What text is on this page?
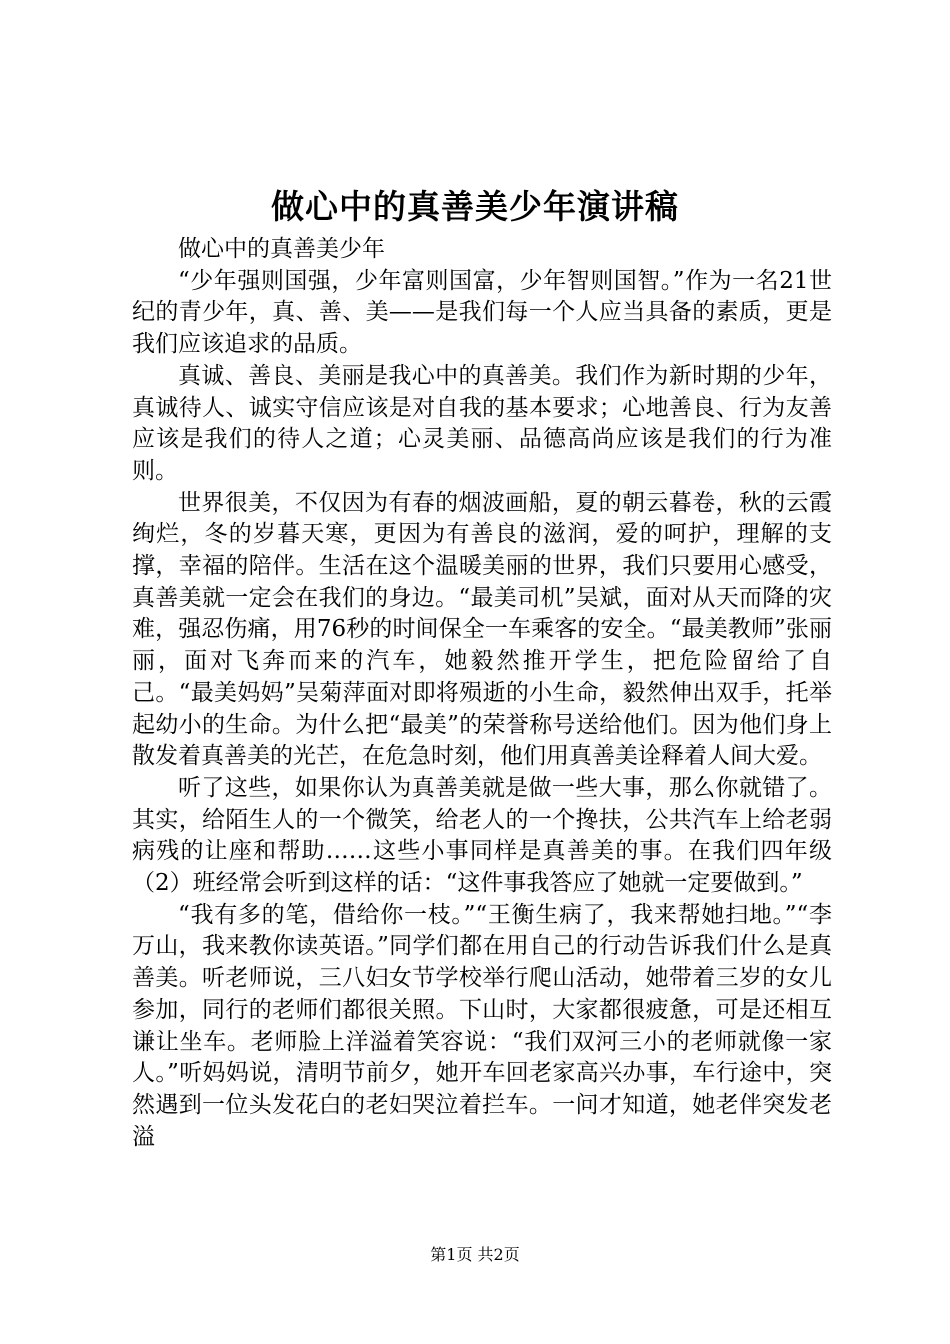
做心中的真善美少年演讲稿

做心中的真善美少年

“少年强则国强，少年富则国富，少年智则国智。”作为一名21世纪的青少年，真、善、美——是我们每一个人应当具备的素质，更是我们应该追求的品质。

真诚、善良、美丽是我心中的真善美。我们作为新时期的少年，真诚待人、诚实守信应该是对自我的基本要求；心地善良、行为友善应该是我们的待人之道；心灵美丽、品德高尚应该是我们的行为准则。

世界很美，不仅因为有春的烟波画船，夏的朝云暮卷，秋的云霞绚烂，冬的岁暮天寒，更因为有善良的滋润，爱的呵护，理解的支撑，幸福的陪伴。生活在这个温暖美丽的世界，我们只要用心感受，真善美就一定会在我们的身边。“最美司机”吴斌，面对从天而降的灾难，强忍伤痛，用76秒的时间保全一车乘客的安全。“最美教师”张丽丽，面对飞奔而来的汽车，她毅然推开学生，把危险留给了自己。“最美妈妈”吴菊萍面对即将殒逝的小生命，毅然伸出双手，托举起幼小的生命。为什么把“最美”的荣誉称号送给他们。因为他们身上散发着真善美的光芒，在危急时刻，他们用真善美诠释着人间大爱。

听了这些，如果你认为真善美就是做一些大事，那么你就错了。其实，给陌生人的一个微笑，给老人的一个搀扶，公共汽车上给老弱病残的让座和帮助……这些小事同样是真善美的事。在我们四年级（2）班经常会听到这样的话：“这件事我答应了她就一定要做到。”

“我有多的笔，借给你一枝。”“王衡生病了，我来帮她扫地。”“李万山，我来教你读英语。”同学们都在用自己的行动告诉我们什么是真善美。听老师说，三八妇女节学校举行爬山活动，她带着三岁的女儿参加，同行的老师们都很关照。下山时，大家都很疲惫，可是还相互谦让坐车。老师脸上洋溢着笑容说：“我们双河三小的老师就像一家人。”听妈妈说，清明节前夕，她开车回老家高兴办事，车行途中，突然遇到一位头发花白的老妇哭泣着拦车。一问才知道，她老伴突发老溢

第1页 共2页
